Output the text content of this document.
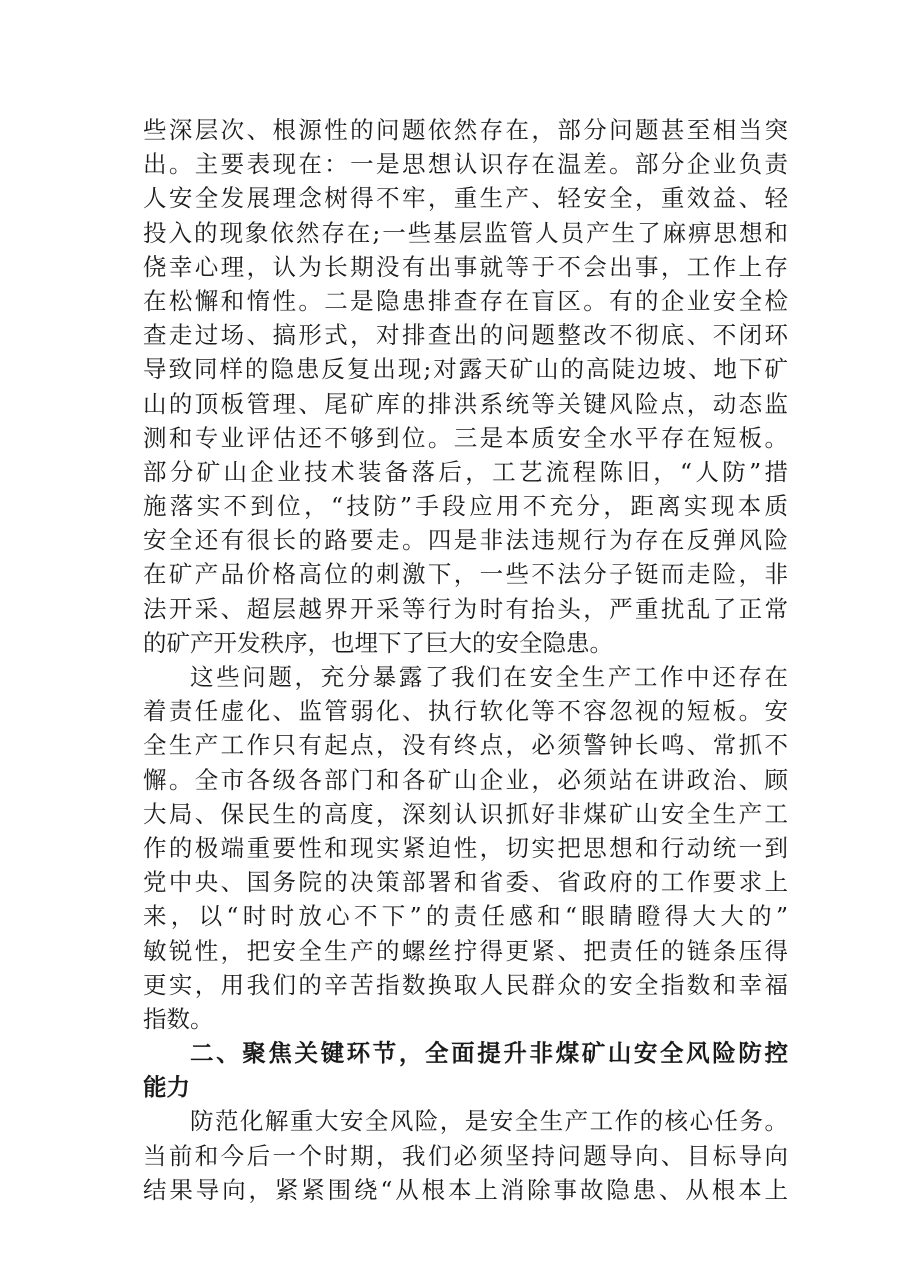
些深层次、根源性的问题依然存在，部分问题甚至相当突
出。主要表现在：一是思想认识存在温差。部分企业负责
人安全发展理念树得不牢，重生产、轻安全，重效益、轻
投入的现象依然存在;一些基层监管人员产生了麻痹思想和
侥幸心理，认为长期没有出事就等于不会出事，工作上存
在松懈和惰性。二是隐患排查存在盲区。有的企业安全检
查走过场、搞形式，对排查出的问题整改不彻底、不闭环
导致同样的隐患反复出现;对露天矿山的高陡边坡、地下矿
山的顶板管理、尾矿库的排洪系统等关键风险点，动态监
测和专业评估还不够到位。三是本质安全水平存在短板。
部分矿山企业技术装备落后，工艺流程陈旧，“人防”措
施落实不到位，“技防”手段应用不充分，距离实现本质
安全还有很长的路要走。四是非法违规行为存在反弹风险
在矿产品价格高位的刺激下，一些不法分子铤而走险，非
法开采、超层越界开采等行为时有抬头，严重扰乱了正常
的矿产开发秩序，也埋下了巨大的安全隐患。
这些问题，充分暴露了我们在安全生产工作中还存在
着责任虚化、监管弱化、执行软化等不容忽视的短板。安
全生产工作只有起点，没有终点，必须警钟长鸣、常抓不
懈。全市各级各部门和各矿山企业，必须站在讲政治、顾
大局、保民生的高度，深刻认识抓好非煤矿山安全生产工
作的极端重要性和现实紧迫性，切实把思想和行动统一到
党中央、国务院的决策部署和省委、省政府的工作要求上
来，以“时时放心不下”的责任感和“眼睛瞪得大大的”
敏锐性，把安全生产的螺丝拧得更紧、把责任的链条压得
更实，用我们的辛苦指数换取人民群众的安全指数和幸福
指数。
二、聚焦关键环节，全面提升非煤矿山安全风险防控
能力
防范化解重大安全风险，是安全生产工作的核心任务。
当前和今后一个时期，我们必须坚持问题导向、目标导向
结果导向，紧紧围绕“从根本上消除事故隐患、从根本上
